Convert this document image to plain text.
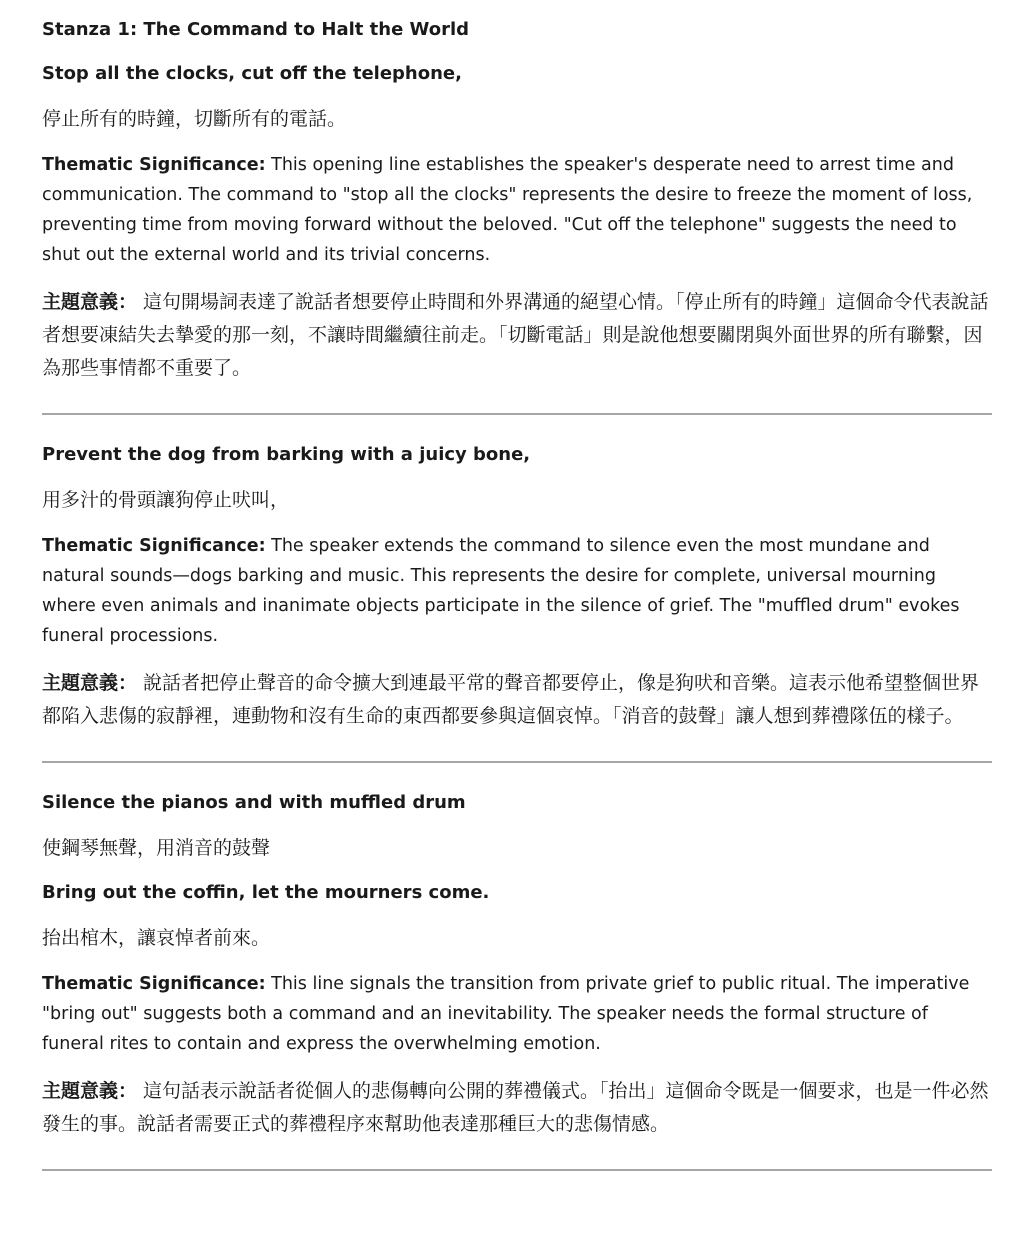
Stanza 1: The Command to Halt the World
Stop all the clocks, cut off the telephone,
停止所有的時鐘，切斷所有的電話。
Thematic Significance: This opening line establishes the speaker's desperate need to arrest time and communication. The command to "stop all the clocks" represents the desire to freeze the moment of loss, preventing time from moving forward without the beloved. "Cut off the telephone" suggests the need to shut out the external world and its trivial concerns.
主題意義： 這句開場詞表達了說話者想要停止時間和外界溝通的絕望心情。「停止所有的時鐘」這個命令代表說話者想要凍結失去摯愛的那一刻，不讓時間繼續往前走。「切斷電話」則是說他想要關閉與外面世界的所有聯繫，因為那些事情都不重要了。
Prevent the dog from barking with a juicy bone,
用多汁的骨頭讓狗停止吠叫，
Thematic Significance: The speaker extends the command to silence even the most mundane and natural sounds—dogs barking and music. This represents the desire for complete, universal mourning where even animals and inanimate objects participate in the silence of grief. The "muffled drum" evokes funeral processions.
主題意義： 說話者把停止聲音的命令擴大到連最平常的聲音都要停止，像是狗吠和音樂。這表示他希望整個世界都陷入悲傷的寂靜裡，連動物和沒有生命的東西都要參與這個哀悼。「消音的鼓聲」讓人想到葬禮隊伍的樣子。
Silence the pianos and with muffled drum
使鋼琴無聲，用消音的鼓聲
Bring out the coffin, let the mourners come.
抬出棺木，讓哀悼者前來。
Thematic Significance: This line signals the transition from private grief to public ritual. The imperative "bring out" suggests both a command and an inevitability. The speaker needs the formal structure of funeral rites to contain and express the overwhelming emotion.
主題意義： 這句話表示說話者從個人的悲傷轉向公開的葬禮儀式。「抬出」這個命令既是一個要求，也是一件必然發生的事。說話者需要正式的葬禮程序來幫助他表達那種巨大的悲傷情感。
